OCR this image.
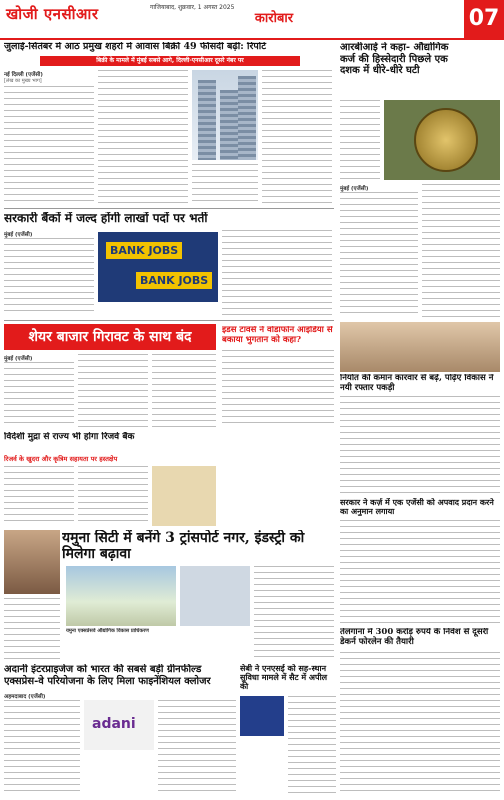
खोजी एनसीआर	गाजियाबाद, शुक्रवार, 1 अगस्त 2025
कारोबार	07
जुलाई-सितंबर में आठ प्रमुख शहरों में आवास बिक्री 49 फीसदी बढ़ी: रिपोर्ट
बिक्री के मामले में मुंबई सबसे आगे, दिल्ली-एनसीआर दूसरे नंबर पर
नई दिल्ली (एजेंसी)
[लेख का मुख्य भाग]
सरकारी बैंकों में जल्द होंगी लाखों पदों पर भर्ती
मुंबई (एजेंसी)
BANK JOBS
BANK JOBS
आरबीआई ने कहा- औद्योगिक कर्ज की हिस्सेदारी पिछले एक दशक में धीरे-धीरे घटी
मुंबई (एजेंसी)
शेयर बाजार गिरावट के साथ बंद
मुंबई (एजेंसी)
विदेशी मुद्रा से राज्य भी होगा रिजर्व बैंक
रिजर्व के खुदरा और कृत्रिम सहायता पर हस्तक्षेप
इंडस टावर्स ने वोडाफोन आइडिया से बकाया भुगतान को कहा?
निर्यात की कमान कारवार से बढ़े, पढ़िए विकास ने नयी रफ्तार पकड़ी
यमुना सिटी में बनेंगे 3 ट्रांसपोर्ट नगर, इंडस्ट्री को मिलेगा बढ़ावा
यमुना एक्सप्रेसवे औद्योगिक विकास प्राधिकरण
सरकार ने कर्ज़ में एक एजेंसी को अपवाद प्रदान करने का अनुमान लगाया
अदानी इंटरप्राइजेज को भारत की सबसे बड़ी ग्रीनफील्ड एक्सप्रेस-वे परियोजना के लिए मिला फाइनेंशियल क्लोजर
अहमदाबाद (एजेंसी)
adani
सेबी ने एनएसई को सह-स्थान सुविधा मामले में सैट में अपील की
तेलंगाना में 300 करोड़ रुपये के निवेश से दूसरी डेकर्न फोरलेन की तैयारी
